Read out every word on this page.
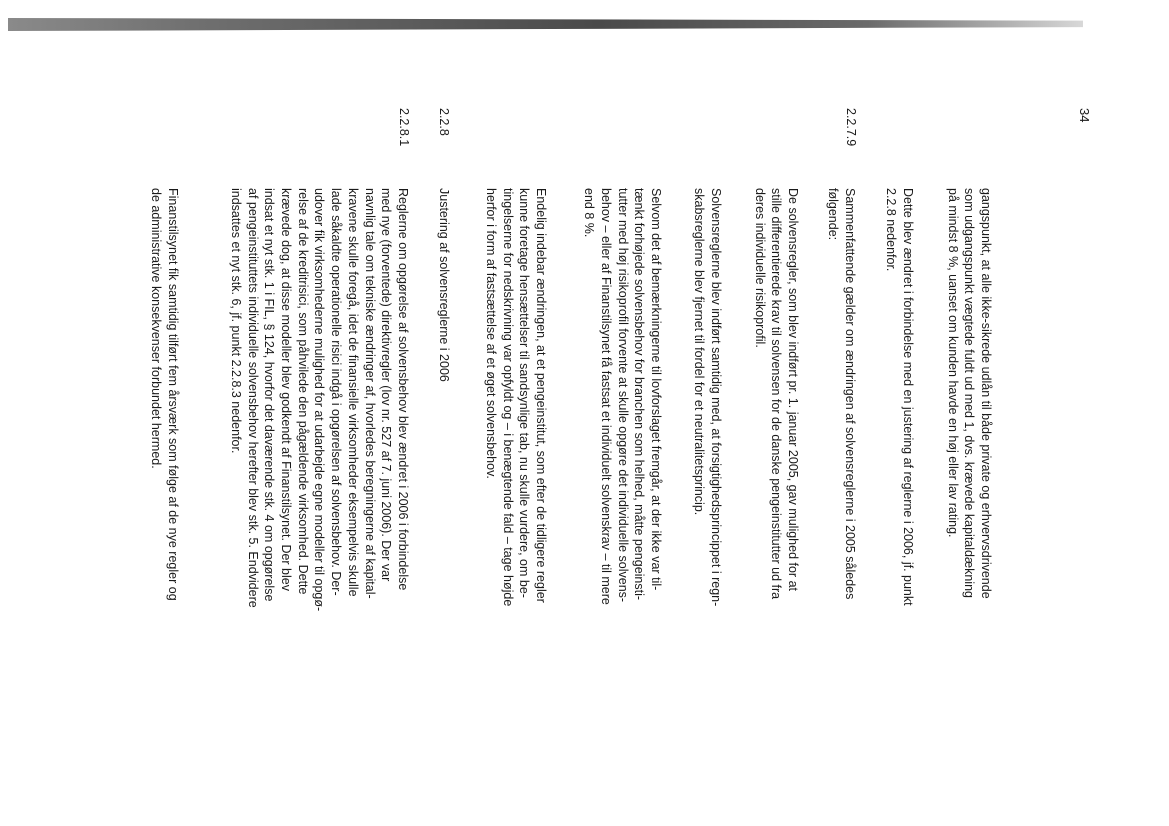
34
2.2.7.9
2.2.8
2.2.8.1
gangspunkt, at alle ikke-sikrede udlån til både private og erhvervsdrivende
som udgangspunkt vægtede fuldt ud med 1, dvs. krævede kapitaldækning
på mindst 8 %, uanset om kunden havde en høj eller lav rating.
Dette blev ændret i forbindelse med en justering af reglerne i 2006, jf. punkt
2.2.8 nedenfor.
Sammenfattende gælder om ændringen af solvensreglerne i 2005 således
følgende:
De solvensregler, som blev indført pr. 1. januar 2005, gav mulighed for at
stille differentierede krav til solvensen for de danske pengeinstitutter ud fra
deres individuelle risikoprofil.
Solvensreglerne blev indført samtidig med, at forsigtighedsprincippet i regn-
skabsreglerne blev fjernet til fordel for et neutralitetsprincip.
Selvom det af bemærkningerne til lovforslaget fremgår, at der ikke var til-
tænkt forhøjede solvensbehov for branchen som helhed, måtte pengeinsti-
tutter med høj risikoprofil forvente at skulle opgøre det individuelle solvens-
behov – eller af Finanstilsynet få fastsat et individuelt solvenskrav – til mere
end 8 %.
Endelig indebar ændringen, at et pengeinstitut, som efter de tidligere regler
kunne foretage hensættelser til sandsynlige tab, nu skulle vurdere, om be-
tingelserne for nedskrivning var opfyldt og – i benægtende fald – tage højde
herfor i form af fastsættelse af et øget solvensbehov.
Justering af solvensreglerne i 2006
Reglerne om opgørelse af solvensbehov blev ændret i 2006 i forbindelse
med nye (forventede) direktivregler (lov nr. 527 af 7. juni 2006). Der var
navnlig tale om tekniske ændringer af, hvorledes beregningerne af kapital-
kravene skulle foregå, idet de finansielle virksomheder eksempelvis skulle
lade såkaldte operationelle risici indgå i opgørelsen af solvensbehov. Der-
udover fik virksomhederne mulighed for at udarbejde egne modeller til opgø-
relse af de kreditrisici, som påhvilede den pågældende virksomhed. Dette
krævede dog, at disse modeller blev godkendt af Finanstilsynet. Der blev
indsat et nyt stk. 1 i FIL, § 124, hvorfor det daværende stk. 4 om opgørelse
af pengeinstituttets individuelle solvensbehov herefter blev stk. 5. Endvidere
indsattes et nyt stk. 6, jf. punkt 2.2.8.3 nedenfor.
Finanstilsynet fik samtidig tilført fem årsværk som følge af de nye regler og
de administrative konsekvenser forbundet hermed.
